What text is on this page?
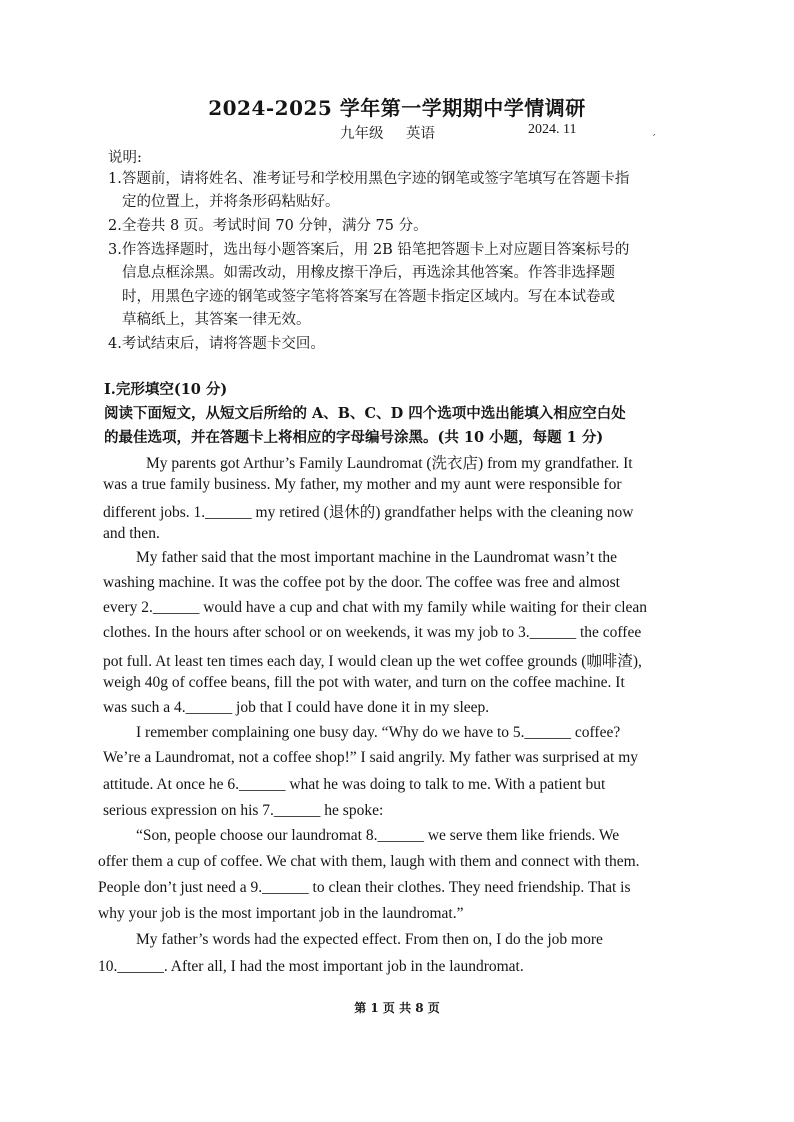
2024-2025 学年第一学期期中学情调研
九年级 英语	2024. 11
′
说明:
1.答题前，请将姓名、准考证号和学校用黑色字迹的钢笔或签字笔填写在答题卡指
定的位置上，并将条形码粘贴好。
2.全卷共 8 页。考试时间 70 分钟，满分 75 分。
3.作答选择题时，选出每小题答案后，用 2B 铅笔把答题卡上对应题目答案标号的
信息点框涂黑。如需改动，用橡皮擦干净后，再选涂其他答案。作答非选择题
时，用黑色字迹的钢笔或签字笔将答案写在答题卡指定区域内。写在本试卷或
草稿纸上，其答案一律无效。
4.考试结束后，请将答题卡交回。
I.完形填空(10 分)
阅读下面短文，从短文后所给的 A、B、C、D 四个选项中选出能填入相应空白处
的最佳选项，并在答题卡上将相应的字母编号涂黑。(共 10 小题，每题 1 分)
My parents got Arthur’s Family Laundromat (洗衣店) from my grandfather. It
was a true family business. My father, my mother and my aunt were responsible for
different jobs. 1.______ my retired (退休的) grandfather helps with the cleaning now
and then.
My father said that the most important machine in the Laundromat wasn’t the
washing machine. It was the coffee pot by the door. The coffee was free and almost
every 2.______ would have a cup and chat with my family while waiting for their clean
clothes. In the hours after school or on weekends, it was my job to 3.______ the coffee
pot full. At least ten times each day, I would clean up the wet coffee grounds (咖啡渣),
weigh 40g of coffee beans, fill the pot with water, and turn on the coffee machine. It
was such a 4.______ job that I could have done it in my sleep.
I remember complaining one busy day. “Why do we have to 5.______ coffee?
We’re a Laundromat, not a coffee shop!” I said angrily. My father was surprised at my
attitude. At once he 6.______ what he was doing to talk to me. With a patient but
serious expression on his 7.______ he spoke:
“Son, people choose our laundromat 8.______ we serve them like friends. We
offer them a cup of coffee. We chat with them, laugh with them and connect with them.
People don’t just need a 9.______ to clean their clothes. They need friendship. That is
why your job is the most important job in the laundromat.”
My father’s words had the expected effect. From then on, I do the job more
10.______. After all, I had the most important job in the laundromat.
第 1 页 共 8 页
